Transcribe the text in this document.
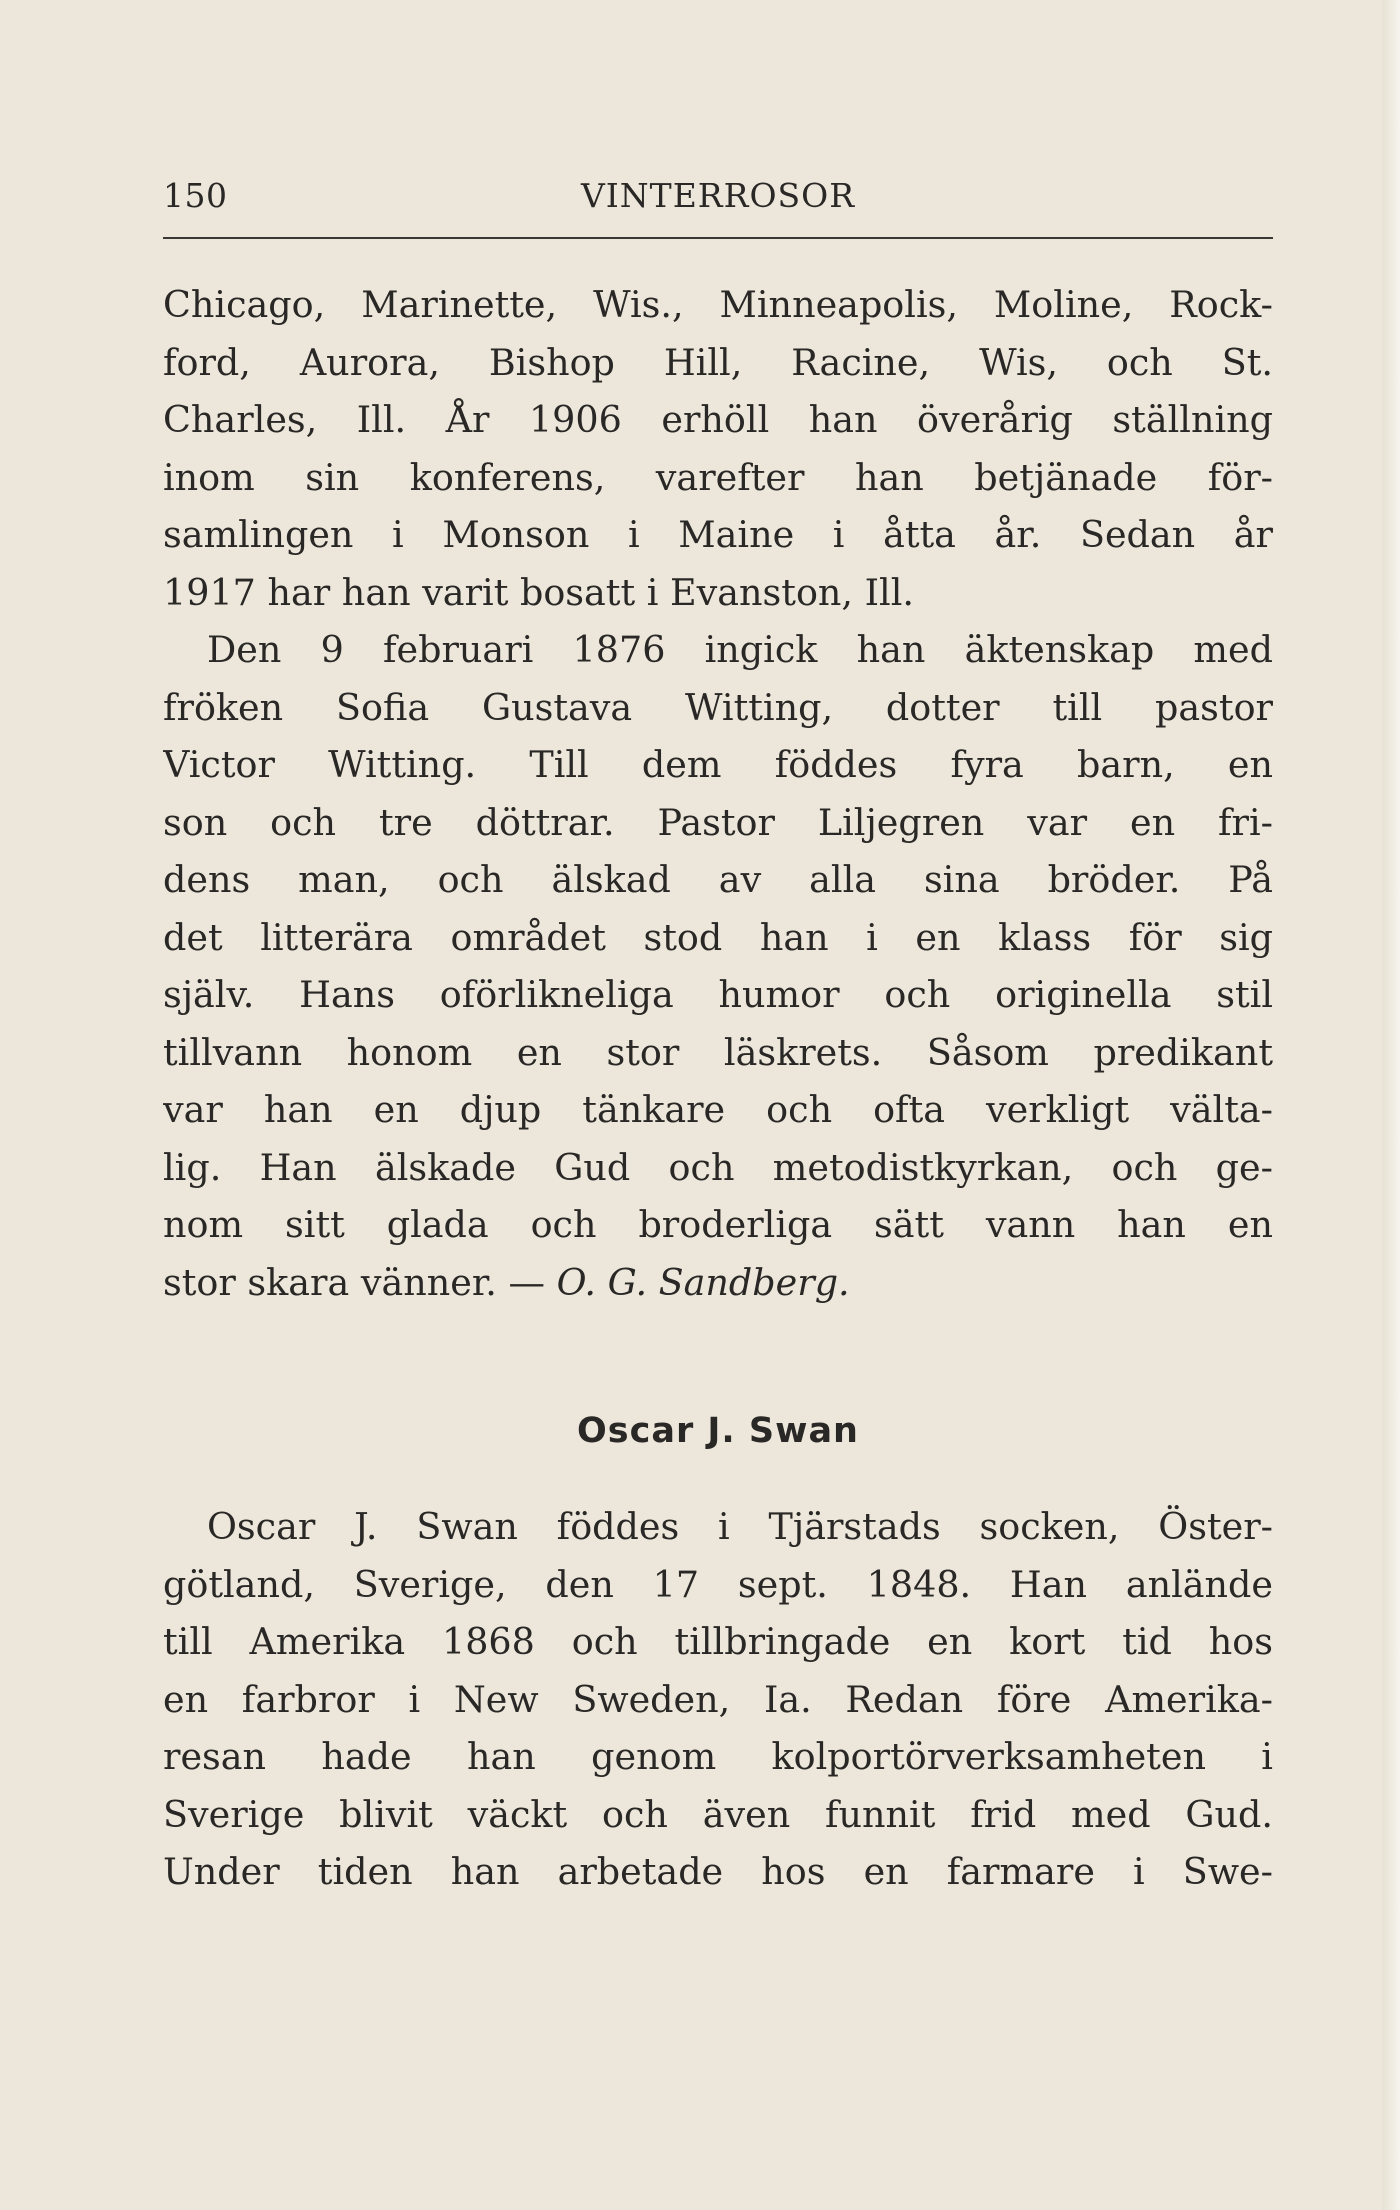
150	VINTERROSOR
Chicago, Marinette, Wis., Minneapolis, Moline, Rock-
ford, Aurora, Bishop Hill, Racine, Wis, och St.
Charles, Ill. År 1906 erhöll han överårig ställning
inom sin konferens, varefter han betjänade för-
samlingen i Monson i Maine i åtta år. Sedan år
1917 har han varit bosatt i Evanston, Ill.
Den 9 februari 1876 ingick han äktenskap med
fröken Sofia Gustava Witting, dotter till pastor
Victor Witting. Till dem föddes fyra barn, en
son och tre döttrar. Pastor Liljegren var en fri-
dens man, och älskad av alla sina bröder. På
det litterära området stod han i en klass för sig
själv. Hans oförlikneliga humor och originella stil
tillvann honom en stor läskrets. Såsom predikant
var han en djup tänkare och ofta verkligt välta-
lig. Han älskade Gud och metodistkyrkan, och ge-
nom sitt glada och broderliga sätt vann han en
stor skara vänner. — O. G. Sandberg.
Oscar J. Swan
Oscar J. Swan föddes i Tjärstads socken, Öster-
götland, Sverige, den 17 sept. 1848. Han anlände
till Amerika 1868 och tillbringade en kort tid hos
en farbror i New Sweden, Ia. Redan före Amerika-
resan hade han genom kolportörverksamheten i
Sverige blivit väckt och även funnit frid med Gud.
Under tiden han arbetade hos en farmare i Swe-
